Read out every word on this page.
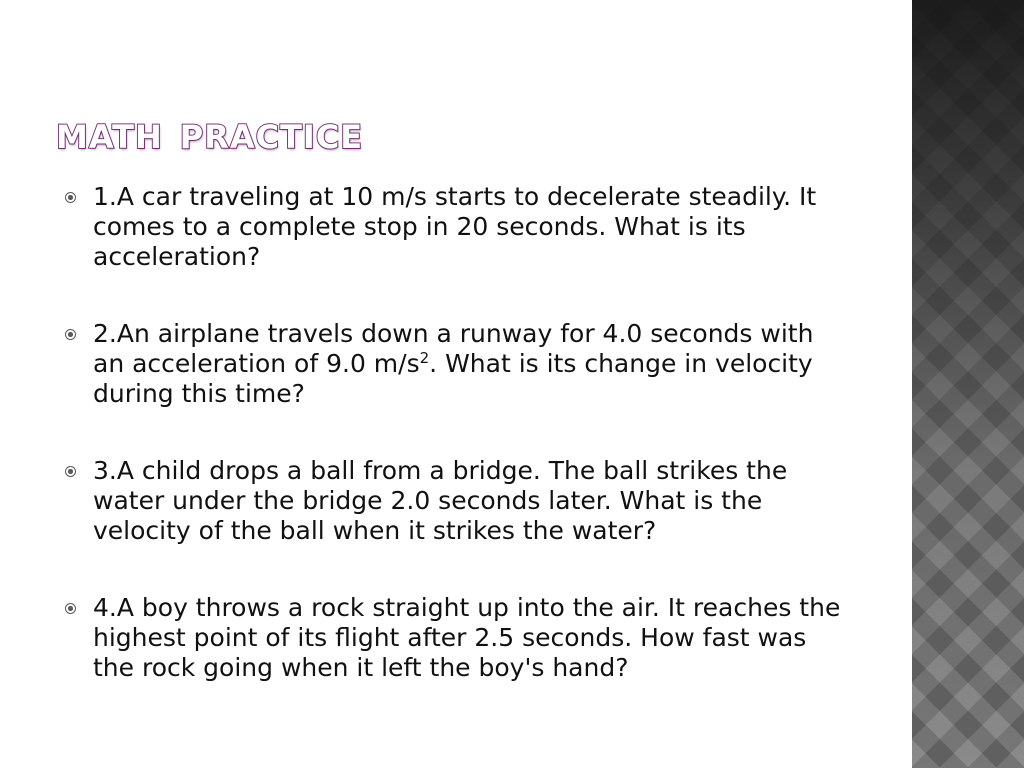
math practice
1.A car traveling at 10 m/s starts to decelerate steadily. It comes to a complete stop in 20 seconds. What is its acceleration?
2.An airplane travels down a runway for 4.0 seconds with an acceleration of 9.0 $m/s^2$. What is its change in velocity during this time?
3.A child drops a ball from a bridge. The ball strikes the water under the bridge 2.0 seconds later. What is the velocity of the ball when it strikes the water?
4.A boy throws a rock straight up into the air. It reaches the highest point of its flight after 2.5 seconds. How fast was the rock going when it left the boy's hand?
